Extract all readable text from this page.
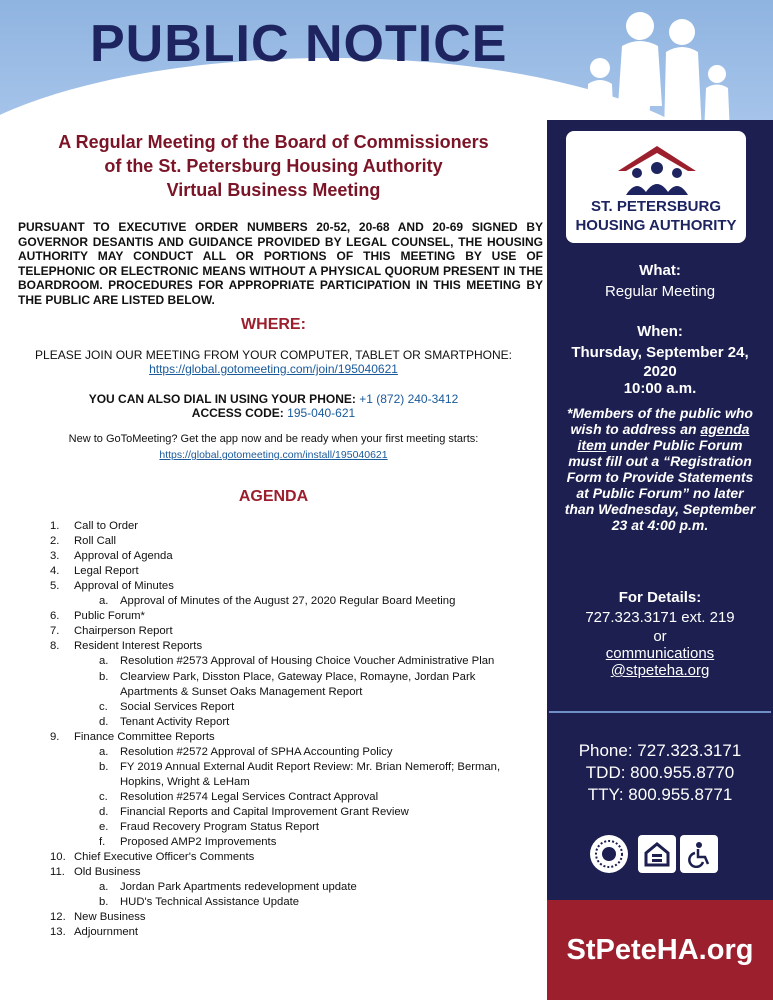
PUBLIC NOTICE
ST. PETERSBURG
HOUSING AUTHORITY
What:
Regular Meeting
When:
Thursday, September 24, 2020
10:00 a.m.
*Members of the public who wish to address an agenda item under Public Forum must fill out a “Registration Form to Provide Statements at Public Forum” no later than Wednesday, September 23 at 4:00 p.m.
For Details:
727.323.3171 ext. 219
or
communications
@stpeteha.org
Phone: 727.323.3171
TDD: 800.955.8770
TTY: 800.955.8771
StPeteHA.org
A Regular Meeting of the Board of Commissioners
of the St. Petersburg Housing Authority
Virtual Business Meeting
PURSUANT TO EXECUTIVE ORDER NUMBERS 20-52, 20-68 AND 20-69 SIGNED BY GOVERNOR DESANTIS AND GUIDANCE PROVIDED BY LEGAL COUNSEL, THE HOUSING AUTHORITY MAY CONDUCT ALL OR PORTIONS OF THIS MEETING BY USE OF TELEPHONIC OR ELECTRONIC MEANS WITHOUT A PHYSICAL QUORUM PRESENT IN THE BOARDROOM. PROCEDURES FOR APPROPRIATE PARTICIPATION IN THIS MEETING BY THE PUBLIC ARE LISTED BELOW.
WHERE:
PLEASE JOIN OUR MEETING FROM YOUR COMPUTER, TABLET OR SMARTPHONE:
https://global.gotomeeting.com/join/195040621
YOU CAN ALSO DIAL IN USING YOUR PHONE: +1 (872) 240-3412
ACCESS CODE: 195-040-621
New to GoToMeeting? Get the app now and be ready when your first meeting starts:
https://global.gotomeeting.com/install/195040621
AGENDA
1. Call to Order
2. Roll Call
3. Approval of Agenda
4. Legal Report
5. Approval of Minutes
a. Approval of Minutes of the August 27, 2020 Regular Board Meeting
6. Public Forum*
7. Chairperson Report
8. Resident Interest Reports
a. Resolution #2573 Approval of Housing Choice Voucher Administrative Plan
b. Clearview Park, Disston Place, Gateway Place, Romayne, Jordan Park
Apartments & Sunset Oaks Management Report
c. Social Services Report
d. Tenant Activity Report
9. Finance Committee Reports
a. Resolution #2572 Approval of SPHA Accounting Policy
b. FY 2019 Annual External Audit Report Review: Mr. Brian Nemeroff; Berman,
Hopkins, Wright & LeHam
c. Resolution #2574 Legal Services Contract Approval
d. Financial Reports and Capital Improvement Grant Review
e. Fraud Recovery Program Status Report
f. Proposed AMP2 Improvements
10. Chief Executive Officer's Comments
11. Old Business
a. Jordan Park Apartments redevelopment update
b. HUD's Technical Assistance Update
12. New Business
13. Adjournment
